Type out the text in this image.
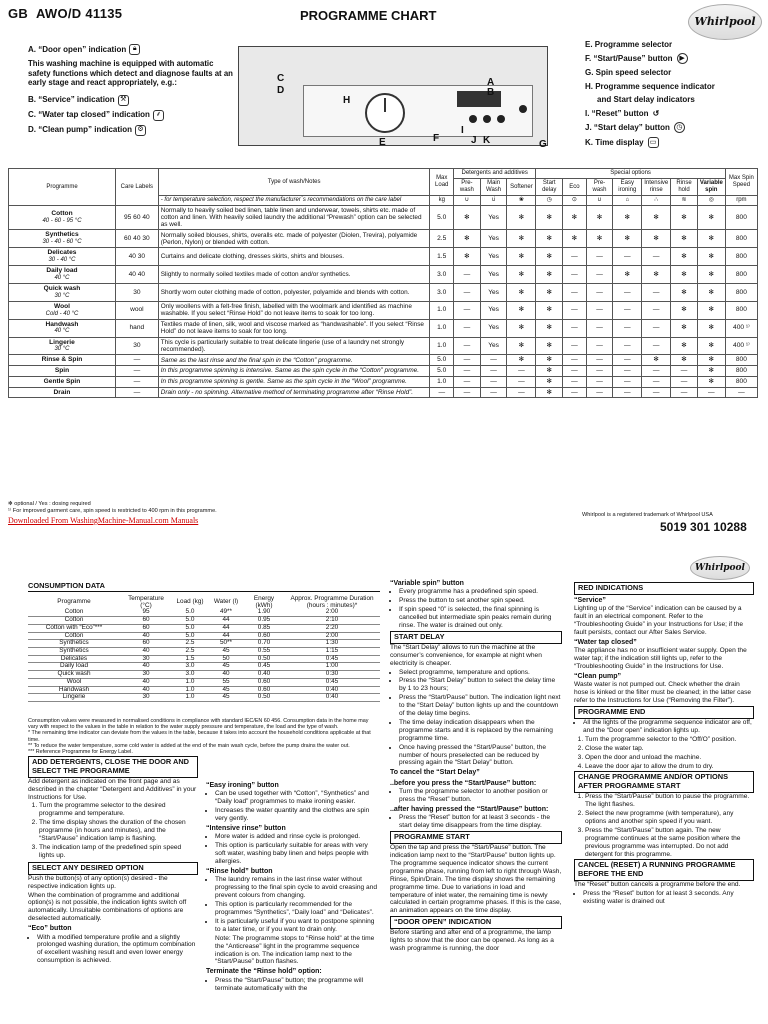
GB AWO/D 41135	PROGRAMME CHART	Whirlpool
A. “Door open” indication 🔒︎

This washing machine is equipped with automatic safety functions which detect and diagnose faults at an early stage and react appropriately, e.g.:

B. “Service” indication ⚒
C. “Water tap closed” indication ⸙
D. “Clean pump” indication ⚙
C
D
H
A
B
E	F
I
J K	G
E. Programme selector
F. “Start/Pause” button ▶
G. Spin speed selector
H. Programme sequence indicator
and Start delay indicators
I. “Reset” button ↺
J. “Start delay” button ◷
K. Time display ▭
Programme	Care Labels	Type of wash/Notes	Max Load	Detergents and additives			Special options							Max Spin Speed
				Pre-wash	Main Wash	Softener	Start delay	Eco	Pre-wash	Easy ironing	Intensive rinse	Rinse hold	Variable spin	
		- for temperature selection, respect the manufacturer´s recommendations on the care label	kg	∪	∪̇	❀	◷	⊙	∪	⌂	∴	≋	◎	rpm
Cotton
40 - 60 - 95 °C	95 60 40	Normally to heavily soiled bed linen, table linen and underwear, towels, shirts etc. made of cotton and linen. With heavily soiled laundry the additional “Prewash” option can be selected as well.	5.0	✻	Yes	✻	✻	✻	✻	✻	✻	✻	✻	800
Synthetics
30 - 40 - 60 °C	60 40 30	Normally soiled blouses, shirts, overalls etc. made of polyester (Diolen, Trevira), polyamide (Perlon, Nylon) or blended with cotton.	2.5	✻	Yes	✻	✻	✻	✻	✻	✻	✻	✻	800
Delicates
30 - 40 °C	40 30	Curtains and delicate clothing, dresses skirts, shirts and blouses.	1.5	✻	Yes	✻	✻	—	—	—	—	✻	✻	800
Daily load
40 °C	40 40	Slightly to normally soiled textiles made of cotton and/or synthetics.	3.0	—	Yes	✻	✻	—	—	✻	✻	✻	✻	800
Quick wash
30 °C	30	Shortly worn outer clothing made of cotton, polyester, polyamide and blends with cotton.	3.0	—	Yes	✻	✻	—	—	—	—	✻	✻	800
Wool
Cold - 40 °C	wool	Only woollens with a felt-free finish, labelled with the woolmark and identified as machine washable. If you select “Rinse Hold” do not leave items to soak for too long.	1.0	—	Yes	✻	✻	—	—	—	—	✻	✻	800
Handwash
40 °C	hand	Textiles made of linen, silk, wool and viscose marked as “handwashable”. If you select “Rinse Hold” do not leave items to soak for too long.	1.0	—	Yes	✻	✻	—	—	—	—	✻	✻	400 ¹⁾
Lingerie
30 °C	30	This cycle is particularly suitable to treat delicate lingerie (use of a laundry net strongly recommended).	1.0	—	Yes	✻	✻	—	—	—	—	✻	✻	400 ¹⁾
Rinse & Spin	—	Same as the last rinse and the final spin in the “Cotton” programme.	5.0	—	—	✻	✻	—	—	—	✻	✻	✻	800
Spin	—	In this programme spinning is intensive. Same as the spin cycle in the “Cotton” programme.	5.0	—	—	—	✻	—	—	—	—	—	✻	800
Gentle Spin	—	In this programme spinning is gentle. Same as the spin cycle in the “Wool” programme.	1.0	—	—	—	✻	—	—	—	—	—	✻	800
Drain	—	Drain only - no spinning. Alternative method of terminating programme after “Rinse Hold”.	—	—	—	—	✻	—	—	—	—	—	—	—
✻ optional / Yes : dosing required
¹⁾ For improved garment care, spin speed is restricted to 400 rpm in this programme.
Downloaded From WashingMachine-Manual.com Manuals
Whirlpool is a registered trademark of Whirlpool USA
5019 301 10288
Whirlpool
CONSUMPTION DATA
Programme	Temperature (°C)	Load (kg)	Water (l)	Energy (kWh)	Approx. Programme Duration (hours : minutes)*
Cotton	95	5.0	49**	1.90	2:00
Cotton	60	5.0	44	0.95	2:10
Cotton with “Eco”***	60	5.0	44	0.85	2:20
Cotton	40	5.0	44	0.60	2:00
Synthetics	60	2.5	50**	0.70	1:30
Synthetics	40	2.5	45	0.55	1:15
Delicates	30	1.5	50	0.50	0:45
Daily load	40	3.0	45	0.45	1:00
Quick wash	30	3.0	40	0.40	0:30
Wool	40	1.0	55	0.60	0:45
Handwash	40	1.0	45	0.60	0:40
Lingerie	30	1.0	45	0.50	0:40
Consumption values were measured in normalised conditions in compliance with standard IEC/EN 60 456. Consumption data in the home may vary with respect to the values in the table in relation to the water supply pressure and temperature, the load and the type of wash.
* The remaining time indicator can deviate from the values in the table, because it takes into account the household conditions applicable at that time.
** To reduce the water temperature, some cold water is added at the end of the main wash cycle, before the pump drains the water out.
*** Reference Programme for Energy Label.
ADD DETERGENTS, CLOSE THE DOOR AND SELECT THE PROGRAMME

Add detergent as indicated on the front page and as described in the chapter “Detergent and Additives” in your Instructions for Use.

1. Turn the programme selector to the desired programme and temperature.
2. The time display shows the duration of the chosen programme (in hours and minutes), and the “Start/Pause” indication lamp is flashing.
3. The indication lamp of the predefined spin speed lights up.
SELECT ANY DESIRED OPTION

Push the button(s) of any option(s) desired - the respective indication lights up.

When the combination of programme and additional option(s) is not possible, the indication lights switch off automatically. Unsuitable combinations of options are deselected automatically.

“Eco” button
• With a modified temperature profile and a slightly prolonged washing duration, the optimum combination of excellent washing result and even lower energy consumption is achieved.
“Easy ironing” button
• Can be used together with “Cotton”, “Synthetics” and “Daily load” programmes to make ironing easier.
• Increases the water quantity and the clothes are spin very gently.
“Intensive rinse” button
• More water is added and rinse cycle is prolonged.
• This option is particularly suitable for areas with very soft water, washing baby linen and helps people with allergies.
“Rinse hold” button
• The laundry remains in the last rinse water without progressing to the final spin cycle to avoid creasing and prevent colours from changing.
• This option is particularly recommended for the programmes “Synthetics”, “Daily load” and “Delicates”.
• It is particularly useful if you want to postpone spinning to a later time, or if you want to drain only.

Note: The programme stops to “Rinse hold” at the time the “Anticrease” light in the programme sequence indication is on. The indication lamp next to the “Start/Pause” button flashes.

Terminate the “Rinse hold” option:
• Press the “Start/Pause” button; the programme will terminate automatically with the
“Variable spin” button
• Every programme has a predefined spin speed.
• Press the button to set another spin speed.
• If spin speed “0” is selected, the final spinning is cancelled but intermediate spin peaks remain during rinse. The water is drained out only.
START DELAY

The “Start Delay” allows to run the machine at the consumer’s convenience, for example at night when electricity is cheaper.

• Select programme, temperature and options.
• Press the “Start Delay” button to select the delay time by 1 to 23 hours;
• Press the “Start/Pause” button. The indication light next to the “Start Delay” button lights up and the countdown of the delay time begins.
• The time delay indication disappears when the programme starts and it is replaced by the remaining programme time.
• Once having pressed the “Start/Pause” button, the number of hours preselected can be reduced by pressing again the “Start Delay” button.
To cancel the “Start Delay”
..before you press the “Start/Pause” button:
• Turn the programme selector to another position or press the “Reset” button.
..after having pressed the “Start/Pause” button:
• Press the “Reset” button for at least 3 seconds - the start delay time disappears from the time display.
PROGRAMME START

Open the tap and press the “Start/Pause” button. The indication lamp next to the “Start/Pause” button lights up. The programme sequence indicator shows the current programme phase, running from left to right through Wash, Rinse, Spin/Drain. The time display shows the remaining programme time. Due to variations in load and temperature of inlet water, the remaining time is newly calculated in certain programme phases. If this is the case, an animation appears on the time display.

“DOOR OPEN” INDICATION

Before starting and after end of a programme, the lamp lights to show that the door can be opened. As long as a wash programme is running, the door

RED INDICATIONS
“Service”

Lighting up of the “Service” indication can be caused by a fault in an electrical component. Refer to the “Troubleshooting Guide” in your Instructions for Use; if the fault persists, contact our After Sales Service.

“Water tap closed”

The appliance has no or insufficient water supply. Open the water tap; if the indication still lights up, refer to the “Troubleshooting Guide” in the Instructions for Use.

“Clean pump”

Waste water is not pumped out. Check whether the drain hose is kinked or the filter must be cleaned; in the latter case refer to the Instructions for Use (“Removing the Filter”).

PROGRAMME END
• All the lights of the programme sequence indicator are off, and the “Door open” indication lights up.
1. Turn the programme selector to the “Off/O” position.
2. Close the water tap.
3. Open the door and unload the machine.
4. Leave the door ajar to allow the drum to dry.
CHANGE PROGRAMME AND/OR OPTIONS AFTER PROGRAMME START
1. Press the “Start/Pause” button to pause the programme. The light flashes.
2. Select the new programme (with temperature), any options and another spin speed if you want.
3. Press the “Start/Pause” button again. The new programme continues at the same position where the previous programme was interrupted. Do not add detergent for this programme.
CANCEL (RESET) A RUNNING PROGRAMME BEFORE THE END

The “Reset” button cancels a programme before the end.

• Press the “Reset” button for at least 3 seconds. Any existing water is drained out
